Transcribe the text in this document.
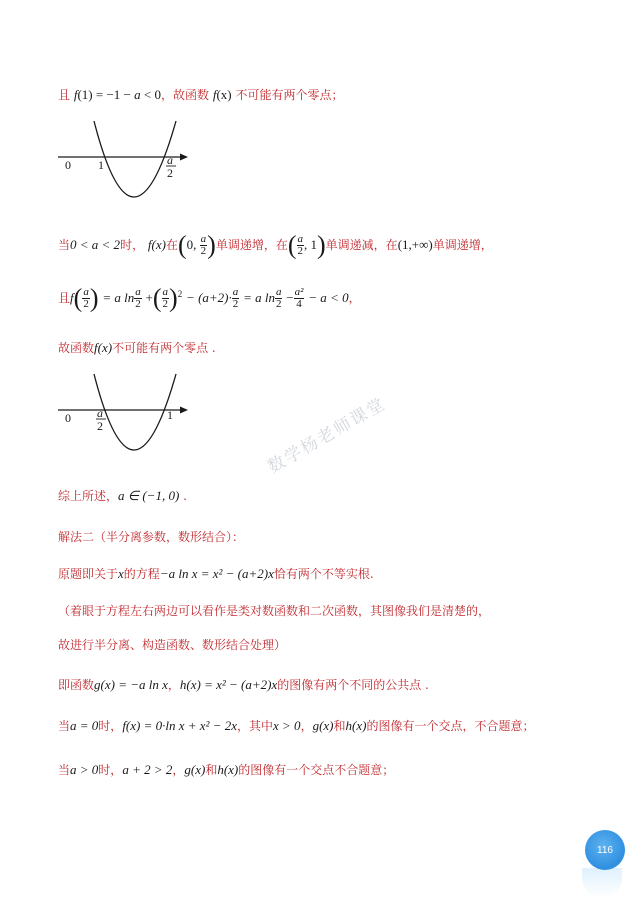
且 f(1) = −1 − a < 0，故函数 f(x) 不可能有两个零点；
0 1	a
2
当0 < a < 2时， f(x)在(0, $\frac{a}{2}$ )单调递增，在( $\frac{a}{2}$ , 1)单调递减，在(1,+∞)单调递增，
且$f( \frac{a}{2}$ ) = a $\ln \frac{a}{2}$ +( $\frac{a}{2} )^2 - (a+2)\cdot \frac{a}{2} = a$ $\ln \frac{a}{2} - \frac{\text{a²}}{4} - a < 0$，
故函数f(x)不可能有两个零点 .
0 a
2
1	数学杨老师课堂
综上所述，a ∈ (−1, 0) .
解法二（半分离参数，数形结合）：
原题即关于x的方程−a ln x = x² − (a+2)x恰有两个不等实根.
（着眼于方程左右两边可以看作是类对数函数和二次函数，其图像我们是清楚的，
故进行半分离、构造函数、数形结合处理）
即函数g(x) = −a ln x，h(x) = x² − (a+2)x的图像有两个不同的公共点 .
当a = 0时，f(x) = 0·ln x + x² − 2x，其中x > 0，g(x)和h(x)的图像有一个交点，不合题意；
当a > 0时，a + 2 > 2，g(x)和h(x)的图像有一个交点不合题意；
116
